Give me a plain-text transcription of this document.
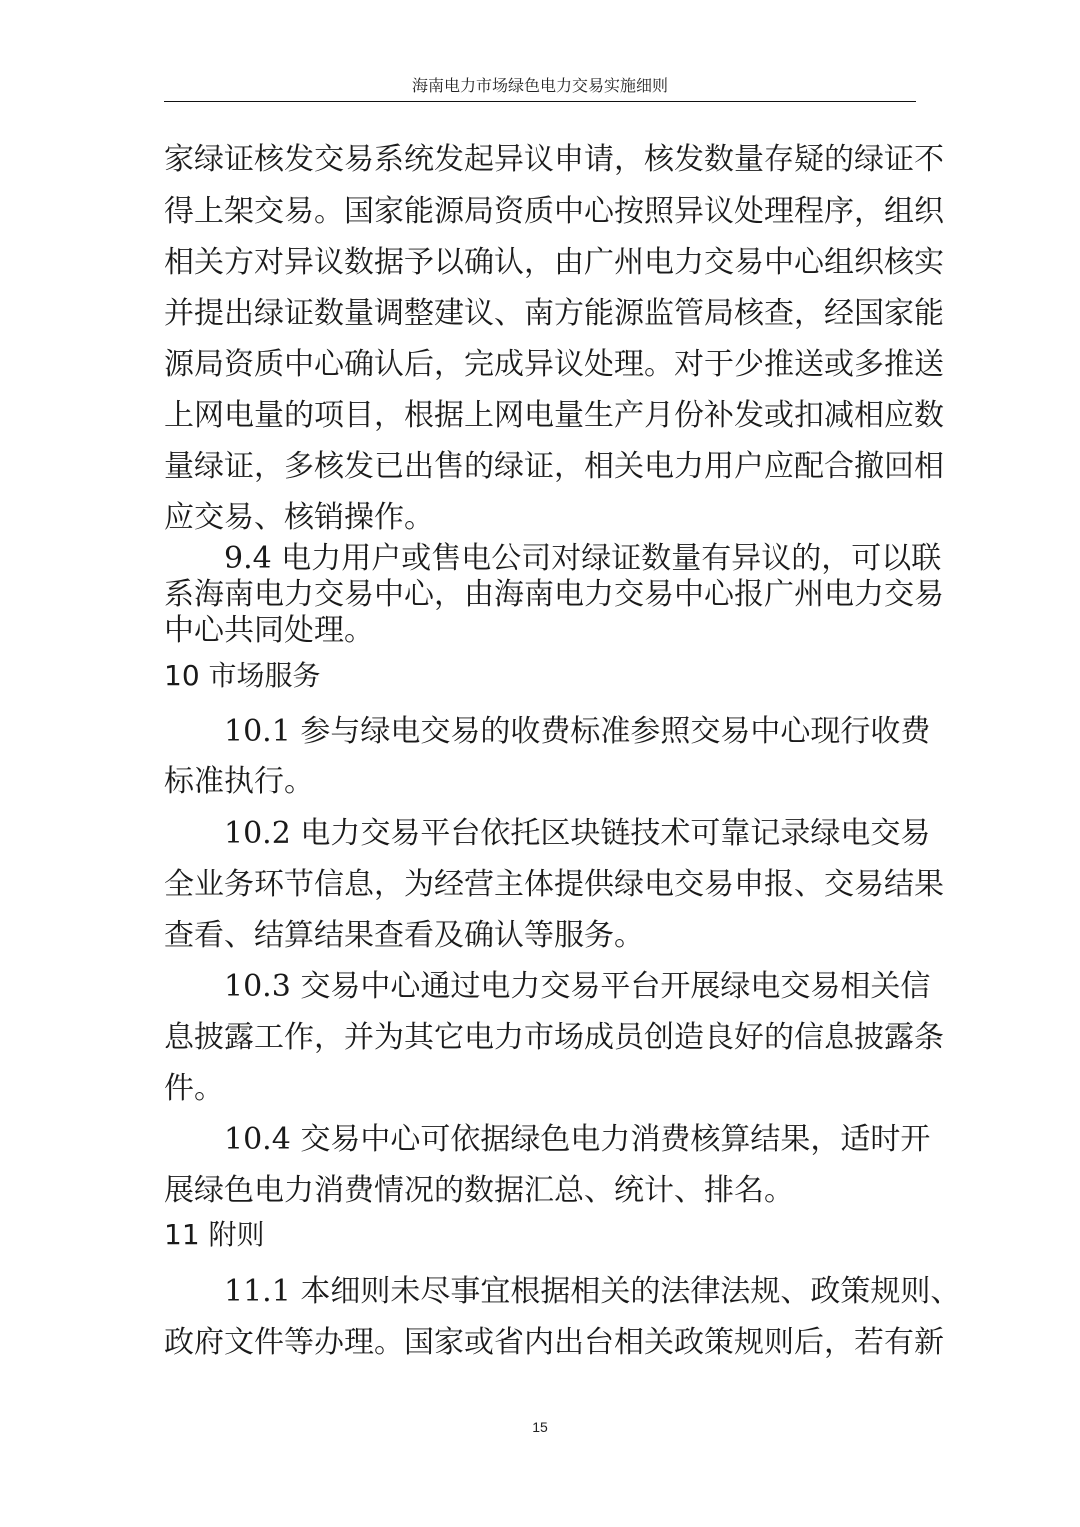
海南电力市场绿色电力交易实施细则
家绿证核发交易系统发起异议申请，核发数量存疑的绿证不
得上架交易。国家能源局资质中心按照异议处理程序，组织
相关方对异议数据予以确认，由广州电力交易中心组织核实
并提出绿证数量调整建议、南方能源监管局核查，经国家能
源局资质中心确认后，完成异议处理。对于少推送或多推送
上网电量的项目，根据上网电量生产月份补发或扣减相应数
量绿证，多核发已出售的绿证，相关电力用户应配合撤回相
应交易、核销操作。
9.4 电力用户或售电公司对绿证数量有异议的，可以联
系海南电力交易中心，由海南电力交易中心报广州电力交易
中心共同处理。
10 市场服务
10.1 参与绿电交易的收费标准参照交易中心现行收费
标准执行。
10.2 电力交易平台依托区块链技术可靠记录绿电交易
全业务环节信息，为经营主体提供绿电交易申报、交易结果
查看、结算结果查看及确认等服务。
10.3 交易中心通过电力交易平台开展绿电交易相关信
息披露工作，并为其它电力市场成员创造良好的信息披露条
件。
10.4 交易中心可依据绿色电力消费核算结果，适时开
展绿色电力消费情况的数据汇总、统计、排名。
11 附则
11.1 本细则未尽事宜根据相关的法律法规、政策规则、
政府文件等办理。国家或省内出台相关政策规则后，若有新
15
